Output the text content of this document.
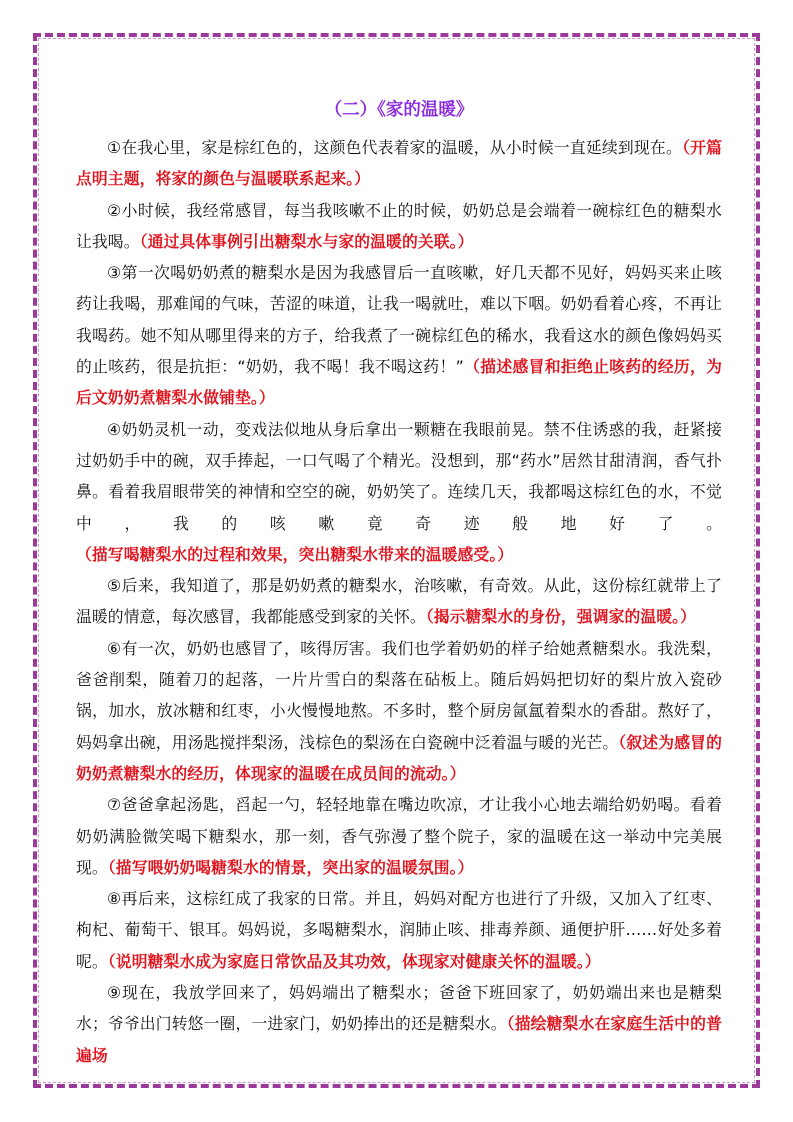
（二）《家的温暖》

①在我心里，家是棕红色的，这颜色代表着家的温暖，从小时候一直延续到现在。（开篇点明主题，将家的颜色与温暖联系起来。）

②小时候，我经常感冒，每当我咳嗽不止的时候，奶奶总是会端着一碗棕红色的糖梨水让我喝。（通过具体事例引出糖梨水与家的温暖的关联。）

③第一次喝奶奶煮的糖梨水是因为我感冒后一直咳嗽，好几天都不见好，妈妈买来止咳药让我喝，那难闻的气味，苦涩的味道，让我一喝就吐，难以下咽。奶奶看着心疼，不再让我喝药。她不知从哪里得来的方子，给我煮了一碗棕红色的稀水，我看这水的颜色像妈妈买的止咳药，很是抗拒：“奶奶，我不喝！我不喝这药！”（描述感冒和拒绝止咳药的经历，为后文奶奶煮糖梨水做铺垫。）

④奶奶灵机一动，变戏法似地从身后拿出一颗糖在我眼前晃。禁不住诱惑的我，赶紧接过奶奶手中的碗，双手捧起，一口气喝了个精光。没想到，那“药水”居然甘甜清润，香气扑鼻。看着我眉眼带笑的神情和空空的碗，奶奶笑了。连续几天，我都喝这棕红色的水，不觉中，我的咳嗽竟奇迹般地好了。（描写喝糖梨水的过程和效果，突出糖梨水带来的温暖感受。）

⑤后来，我知道了，那是奶奶煮的糖梨水，治咳嗽，有奇效。从此，这份棕红就带上了温暖的情意，每次感冒，我都能感受到家的关怀。（揭示糖梨水的身份，强调家的温暖。）

⑥有一次，奶奶也感冒了，咳得厉害。我们也学着奶奶的样子给她煮糖梨水。我洗梨，爸爸削梨，随着刀的起落，一片片雪白的梨落在砧板上。随后妈妈把切好的梨片放入瓷砂锅，加水，放冰糖和红枣，小火慢慢地熬。不多时，整个厨房氤氲着梨水的香甜。熬好了，妈妈拿出碗，用汤匙搅拌梨汤，浅棕色的梨汤在白瓷碗中泛着温与暖的光芒。（叙述为感冒的奶奶煮糖梨水的经历，体现家的温暖在成员间的流动。）

⑦爸爸拿起汤匙，舀起一勺，轻轻地靠在嘴边吹凉，才让我小心地去端给奶奶喝。看着奶奶满脸微笑喝下糖梨水，那一刻，香气弥漫了整个院子，家的温暖在这一举动中完美展现。（描写喂奶奶喝糖梨水的情景，突出家的温暖氛围。）

⑧再后来，这棕红成了我家的日常。并且，妈妈对配方也进行了升级，又加入了红枣、枸杞、葡萄干、银耳。妈妈说，多喝糖梨水，润肺止咳、排毒养颜、通便护肝……好处多着呢。（说明糖梨水成为家庭日常饮品及其功效，体现家对健康关怀的温暖。）

⑨现在，我放学回来了，妈妈端出了糖梨水；爸爸下班回家了，奶奶端出来也是糖梨水；爷爷出门转悠一圈，一进家门，奶奶捧出的还是糖梨水。（描绘糖梨水在家庭生活中的普遍场
